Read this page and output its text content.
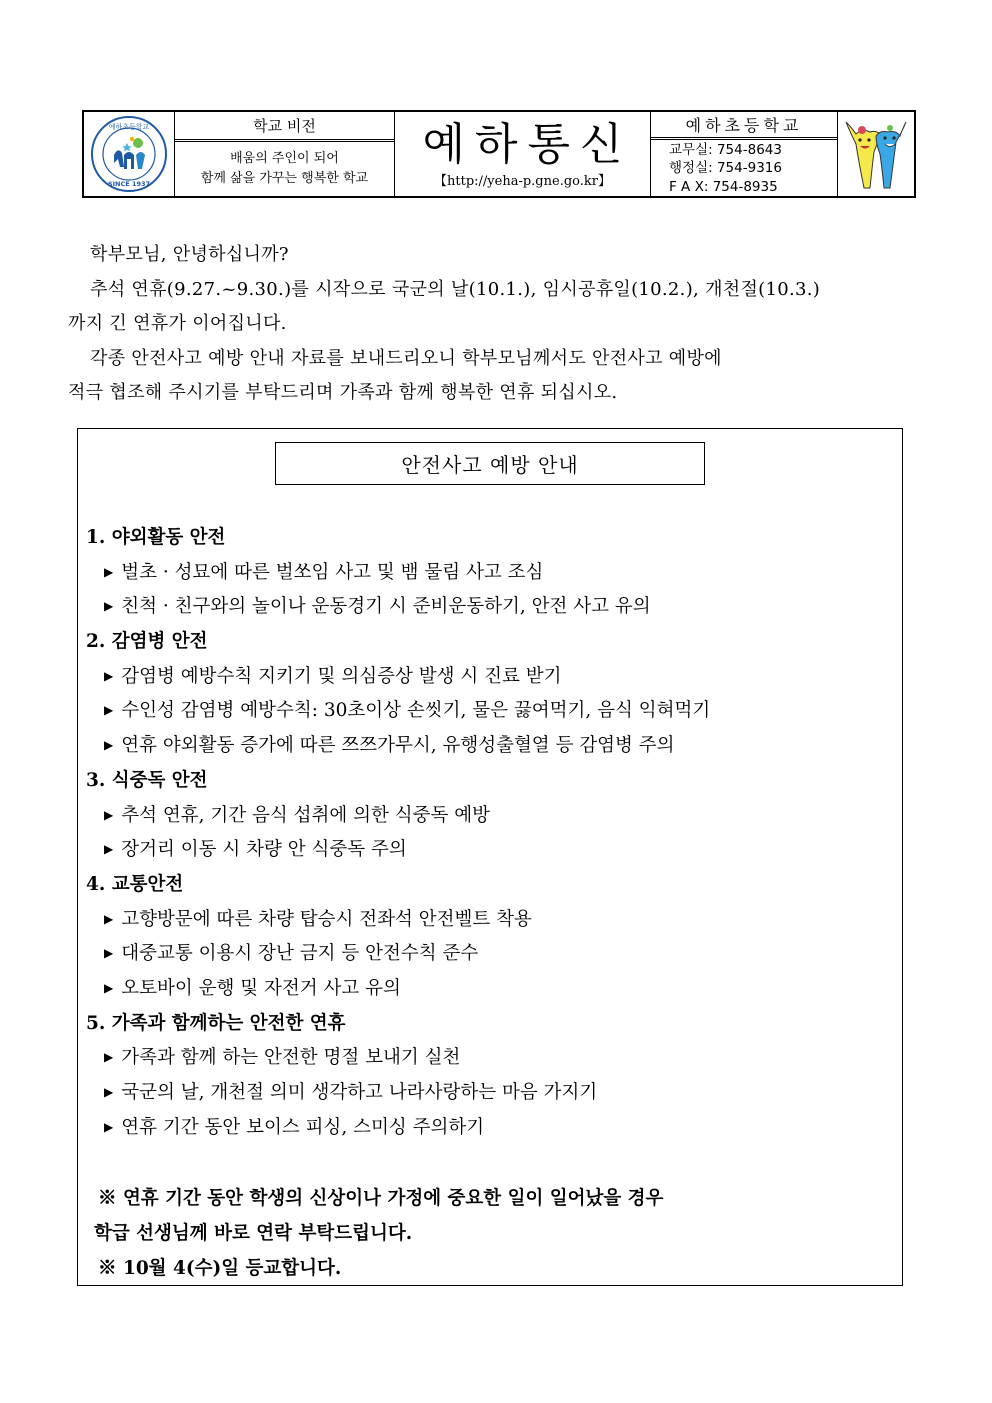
예하초등학교
SINCE 1937
학교 비전
배움의 주인이 되어
함께 삶을 가꾸는 행복한 학교
예하통신
【http://yeha-p.gne.go.kr】
예하초등학교
교무실: 754-8643
행정실: 754-9316
F A X: 754-8935

학부모님, 안녕하십니까?

추석 연휴(9.27.~9.30.)를 시작으로 국군의 날(10.1.), 임시공휴일(10.2.), 개천절(10.3.)

까지 긴 연휴가 이어집니다.

각종 안전사고 예방 안내 자료를 보내드리오니 학부모님께서도 안전사고 예방에

적극 협조해 주시기를 부탁드리며 가족과 함께 행복한 연휴 되십시오.

안전사고 예방 안내
1. 야외활동 안전
▶ 벌초 · 성묘에 따른 벌쏘임 사고 및 뱀 물림 사고 조심
▶ 친척 · 친구와의 놀이나 운동경기 시 준비운동하기, 안전 사고 유의
2. 감염병 안전
▶ 감염병 예방수칙 지키기 및 의심증상 발생 시 진료 받기
▶ 수인성 감염병 예방수칙: 30초이상 손씻기, 물은 끓여먹기, 음식 익혀먹기
▶ 연휴 야외활동 증가에 따른 쯔쯔가무시, 유행성출혈열 등 감염병 주의
3. 식중독 안전
▶ 추석 연휴, 기간 음식 섭취에 의한 식중독 예방
▶ 장거리 이동 시 차량 안 식중독 주의
4. 교통안전
▶ 고향방문에 따른 차량 탑승시 전좌석 안전벨트 착용
▶ 대중교통 이용시 장난 금지 등 안전수칙 준수
▶ 오토바이 운행 및 자전거 사고 유의
5. 가족과 함께하는 안전한 연휴
▶ 가족과 함께 하는 안전한 명절 보내기 실천
▶ 국군의 날, 개천절 의미 생각하고 나라사랑하는 마음 가지기
▶ 연휴 기간 동안 보이스 피싱, 스미싱 주의하기
※ 연휴 기간 동안 학생의 신상이나 가정에 중요한 일이 일어났을 경우
학급 선생님께 바로 연락 부탁드립니다.
※ 10월 4(수)일 등교합니다.
